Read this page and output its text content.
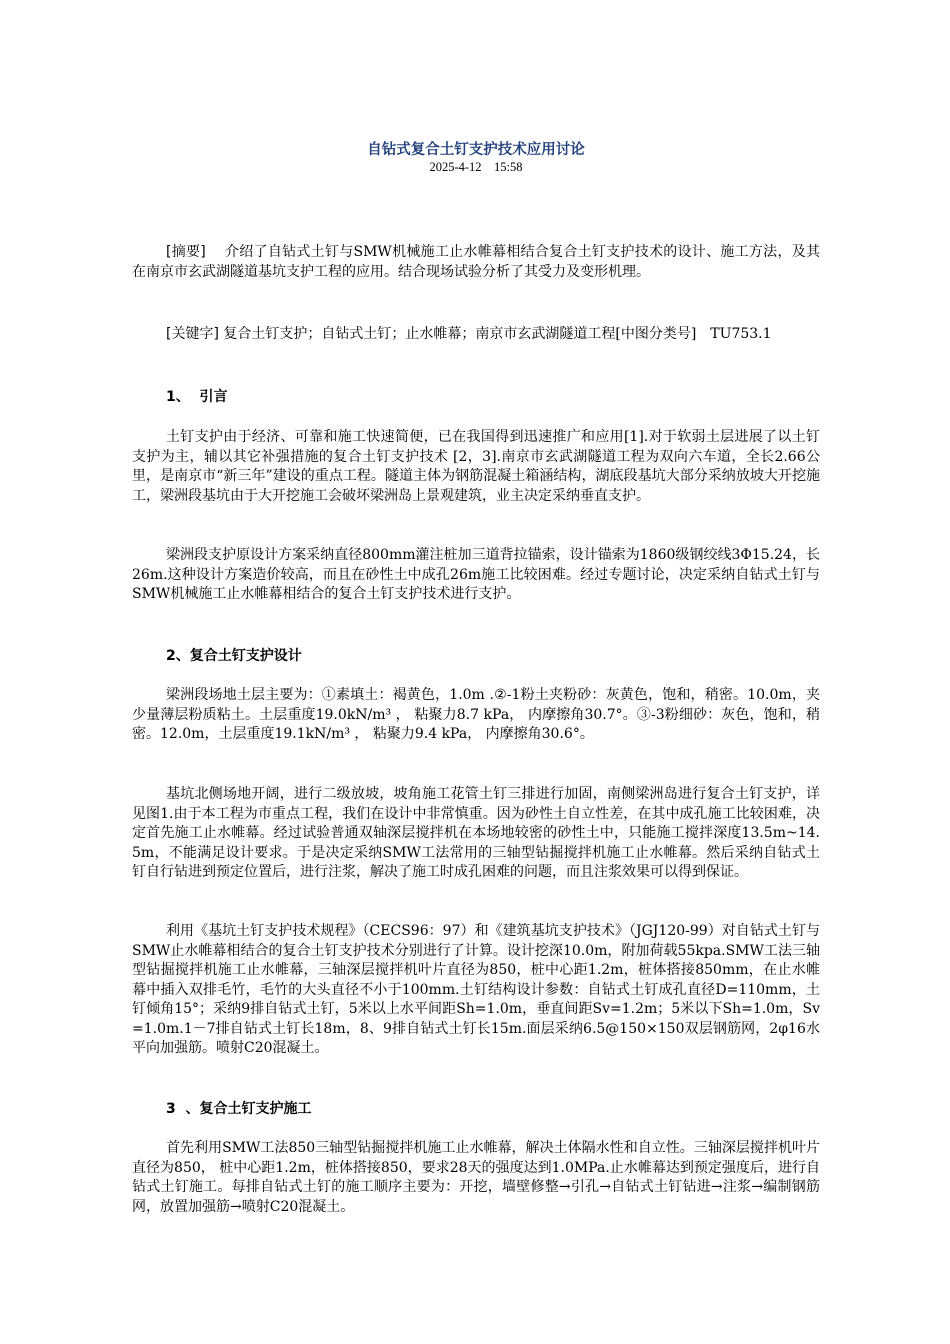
自钻式复合土钉支护技术应用讨论
2025-4-12    15:58
[摘要]　 介绍了自钻式土钉与SMW机械施工止水帷幕相结合复合土钉支护技术的设计、施工方法，及其在南京市玄武湖隧道基坑支护工程的应用。结合现场试验分析了其受力及变形机理。
[关键字] 复合土钉支护；自钻式土钉；止水帷幕；南京市玄武湖隧道工程[中图分类号]　TU753.1
1、  引言
土钉支护由于经济、可靠和施工快速简便，已在我国得到迅速推广和应用[1].对于软弱土层进展了以土钉支护为主，辅以其它补强措施的复合土钉支护技术 [2，3].南京市玄武湖隧道工程为双向六车道，全长2.66公里，是南京市“新三年”建设的重点工程。隧道主体为钢筋混凝土箱涵结构，湖底段基坑大部分采纳放坡大开挖施工，梁洲段基坑由于大开挖施工会破坏梁洲岛上景观建筑，业主决定采纳垂直支护。
梁洲段支护原设计方案采纳直径800mm灌注桩加三道背拉锚索，设计锚索为1860级钢绞线3Φ15.24，长26m.这种设计方案造价较高，而且在砂性土中成孔26m施工比较困难。经过专题讨论，决定采纳自钻式土钉与SMW机械施工止水帷幕相结合的复合土钉支护技术进行支护。
2、复合土钉支护设计
梁洲段场地土层主要为：①素填土：褐黄色，1.0m .②-1粉土夹粉砂：灰黄色，饱和，稍密。10.0m，夹少量薄层粉质粘土。土层重度19.0kN/m³ ， 粘聚力8.7 kPa， 内摩擦角30.7°。③-3粉细砂：灰色，饱和，稍密。12.0m，土层重度19.1kN/m³ ， 粘聚力9.4 kPa， 内摩擦角30.6°。
基坑北侧场地开阔，进行二级放坡，坡角施工花管土钉三排进行加固，南侧梁洲岛进行复合土钉支护，详见图1.由于本工程为市重点工程，我们在设计中非常慎重。因为砂性土自立性差，在其中成孔施工比较困难，决定首先施工止水帷幕。经过试验普通双轴深层搅拌机在本场地较密的砂性土中，只能施工搅拌深度13.5m~14.5m，不能满足设计要求。于是决定采纳SMW工法常用的三轴型钻掘搅拌机施工止水帷幕。然后采纳自钻式土钉自行钻进到预定位置后，进行注浆，解决了施工时成孔困难的问题，而且注浆效果可以得到保证。
利用《基坑土钉支护技术规程》（CECS96：97）和《建筑基坑支护技术》（JGJ120-99）对自钻式土钉与SMW止水帷幕相结合的复合土钉支护技术分别进行了计算。设计挖深10.0m，附加荷载55kpa.SMW工法三轴型钻掘搅拌机施工止水帷幕，三轴深层搅拌机叶片直径为850，桩中心距1.2m，桩体搭接850mm，在止水帷幕中插入双排毛竹，毛竹的大头直径不小于100mm.土钉结构设计参数：自钻式土钉成孔直径D=110mm，土钉倾角15°；采纳9排自钻式土钉，5米以上水平间距Sh=1.0m，垂直间距Sv=1.2m；5米以下Sh=1.0m，Sv=1.0m.1－7排自钻式土钉长18m，8、9排自钻式土钉长15m.面层采纳6.5@150×150双层钢筋网，2φ16水平向加强筋。喷射C20混凝土。
3  、复合土钉支护施工
首先利用SMW工法850三轴型钻掘搅拌机施工止水帷幕，解决土体隔水性和自立性。三轴深层搅拌机叶片直径为850， 桩中心距1.2m，桩体搭接850，要求28天的强度达到1.0MPa.止水帷幕达到预定强度后，进行自钻式土钉施工。每排自钻式土钉的施工顺序主要为：开挖，墙壁修整→引孔→自钻式土钉钻进→注浆→编制钢筋网，放置加强筋→喷射C20混凝土。
